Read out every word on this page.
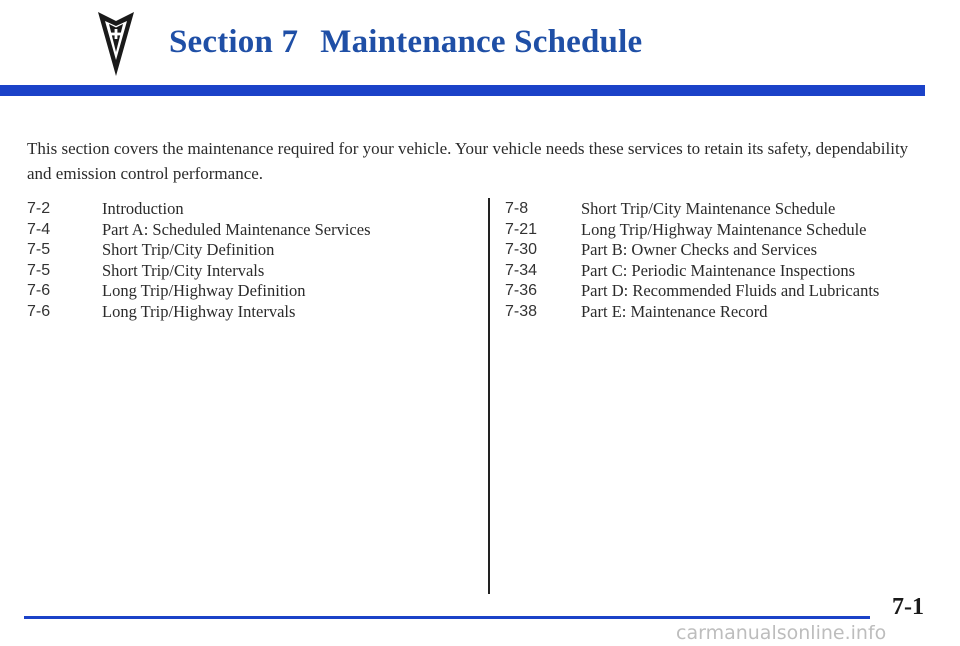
Section 7 Maintenance Schedule

This section covers the maintenance required for your vehicle. Your vehicle needs these services to retain its safety, dependability and emission control performance.

7-2	Introduction
7-4	Part A: Scheduled Maintenance Services
7-5	Short Trip/City Definition
7-5	Short Trip/City Intervals
7-6	Long Trip/Highway Definition
7-6	Long Trip/Highway Intervals
7-8	Short Trip/City Maintenance Schedule
7-21	Long Trip/Highway Maintenance Schedule
7-30	Part B: Owner Checks and Services
7-34	Part C: Periodic Maintenance Inspections
7-36	Part D: Recommended Fluids and Lubricants
7-38	Part E: Maintenance Record
7-1
carmanualsonline.info
